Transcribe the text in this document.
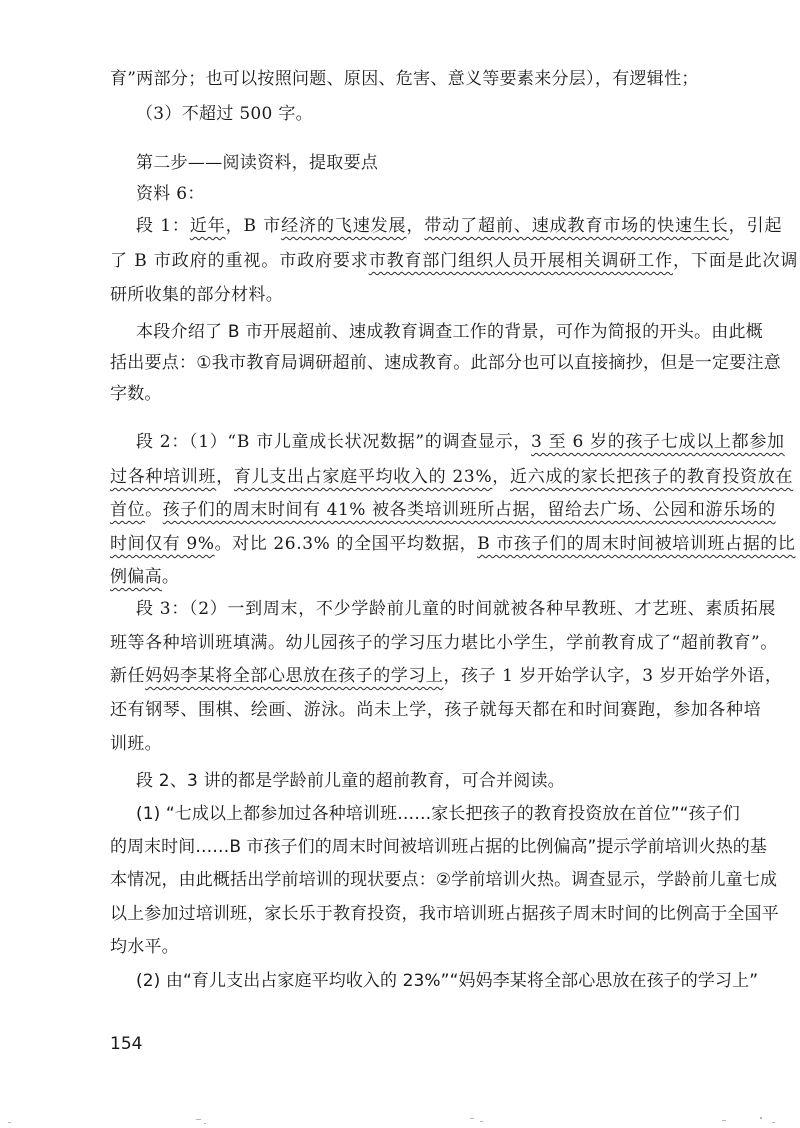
育”两部分；也可以按照问题、原因、危害、意义等要素来分层），有逻辑性；
（3）不超过 500 字。
第二步——阅读资料，提取要点
资料 6：
段 1：近年，B 市经济的飞速发展，带动了超前、速成教育市场的快速生长，引起
了 B 市政府的重视。市政府要求市教育部门组织人员开展相关调研工作，下面是此次调
研所收集的部分材料。
本段介绍了 B 市开展超前、速成教育调查工作的背景，可作为简报的开头。由此概
括出要点：①我市教育局调研超前、速成教育。此部分也可以直接摘抄，但是一定要注意
字数。
段 2：（1）“B 市儿童成长状况数据”的调查显示，3 至 6 岁的孩子七成以上都参加
过各种培训班，育儿支出占家庭平均收入的 23%，近六成的家长把孩子的教育投资放在
首位。孩子们的周末时间有 41% 被各类培训班所占据，留给去广场、公园和游乐场的
时间仅有 9%。对比 26.3% 的全国平均数据，B 市孩子们的周末时间被培训班占据的比
例偏高。
段 3：（2）一到周末，不少学龄前儿童的时间就被各种早教班、才艺班、素质拓展
班等各种培训班填满。幼儿园孩子的学习压力堪比小学生，学前教育成了“超前教育”。
新任妈妈李某将全部心思放在孩子的学习上，孩子 1 岁开始学认字，3 岁开始学外语，
还有钢琴、围棋、绘画、游泳。尚未上学，孩子就每天都在和时间赛跑，参加各种培
训班。
段 2、3 讲的都是学龄前儿童的超前教育，可合并阅读。
(1) “七成以上都参加过各种培训班……家长把孩子的教育投资放在首位”“孩子们
的周末时间……B 市孩子们的周末时间被培训班占据的比例偏高”提示学前培训火热的基
本情况，由此概括出学前培训的现状要点：②学前培训火热。调查显示，学龄前儿童七成
以上参加过培训班，家长乐于教育投资，我市培训班占据孩子周末时间的比例高于全国平
均水平。
(2) 由“育儿支出占家庭平均收入的 23%”“妈妈李某将全部心思放在孩子的学习上”
154
